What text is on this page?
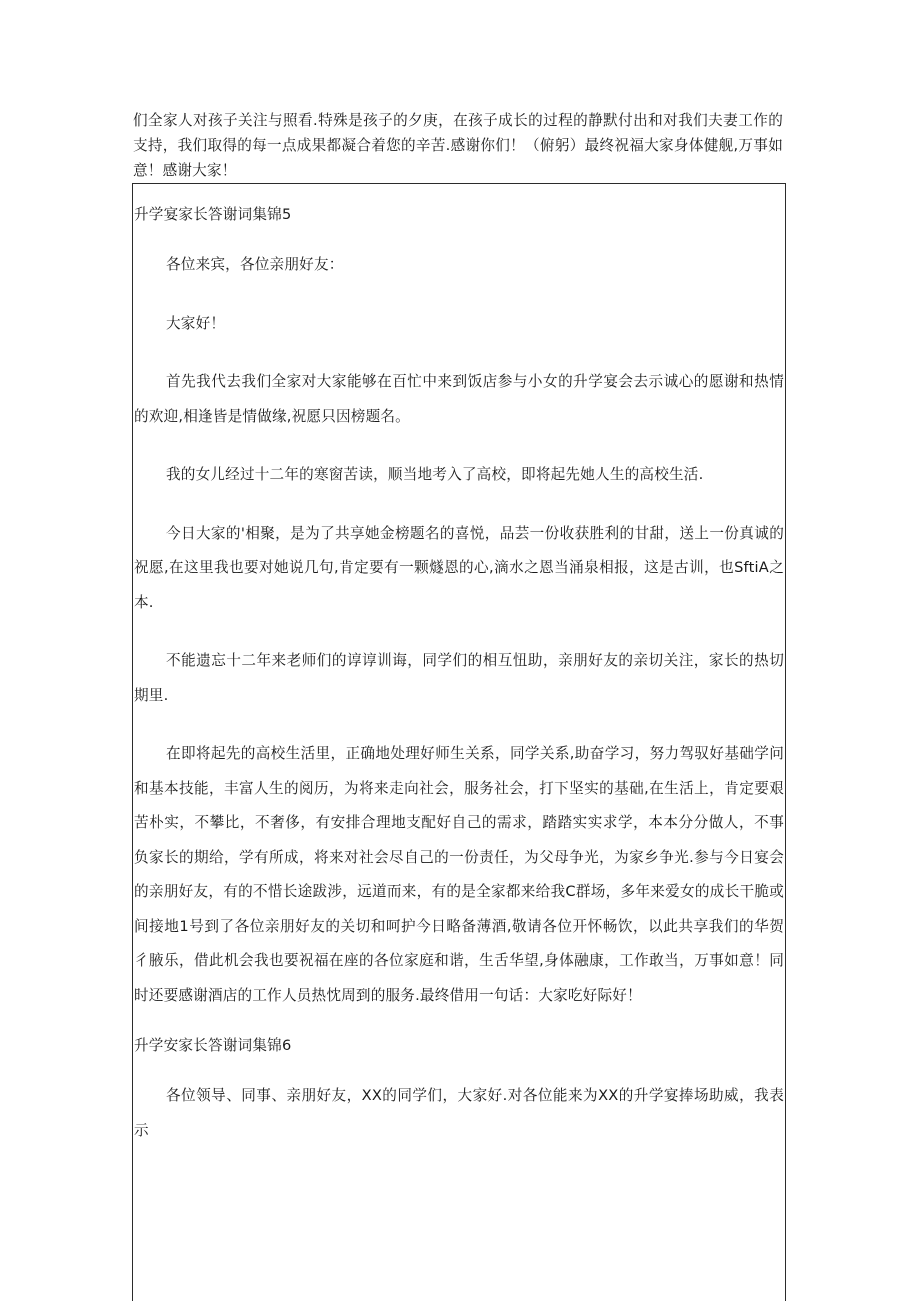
们全家人对孩子关注与照看.特殊是孩子的夕庚，在孩子成长的过程的静默付出和对我们夫妻工作的支持，我们取得的每一点成果都凝合着您的辛苦.感谢你们！（俯躬）最终祝福大家身体健舰,万事如意！感谢大家！

升学宴家长答谢词集锦5

各位来宾，各位亲朋好友：

大家好！

首先我代去我们全家对大家能够在百忙中来到饭店参与小女的升学宴会去示诚心的愿谢和热情的欢迎,相逢皆是情做缘,祝愿只因榜题名。

我的女儿经过十二年的寒窗苦读，顺当地考入了高校，即将起先她人生的高校生活.

今日大家的'相聚，是为了共享她金榜题名的喜悦，品芸一份收获胜利的甘甜，送上一份真诚的祝愿,在这里我也要对她说几句,肯定要有一颗燧恩的心,滴水之恩当涌泉相报，这是古训，也SftiA之本.

不能遗忘十二年来老师们的谆谆训诲，同学们的相互忸助，亲朋好友的亲切关注，家长的热切期里.

在即将起先的高校生活里，正确地处理好师生关系，同学关系,助奋学习，努力驾驭好基础学问和基本技能，丰富人生的阅历，为将来走向社会，服务社会，打下坚实的基础,在生活上，肯定要艰苦朴实，不攀比，不奢侈，有安排合理地支配好自己的需求，踏踏实实求学，本本分分做人，不事负家长的期给，学有所成，将来对社会尽自己的一份责任，为父母争光，为家乡争光.参与今日宴会的亲朋好友，有的不惜长途跋涉，远道而来，有的是全家都来给我C群场，多年来爱女的成长干脆或间接地1号到了各位亲朋好友的关切和呵护今日略备薄酒,敬请各位开怀畅饮，以此共享我们的华贺彳腋乐，借此机会我也要祝福在座的各位家庭和谐，生舌华望,身体融康，工作敢当，万事如意！同时还要感谢酒店的工作人员热忱周到的服务.最终借用一句话：大家吃好际好！

升学安家长答谢词集锦6

各位领导、同事、亲朋好友，XX的同学们，大家好.对各位能来为XX的升学宴捧场助威，我表示
